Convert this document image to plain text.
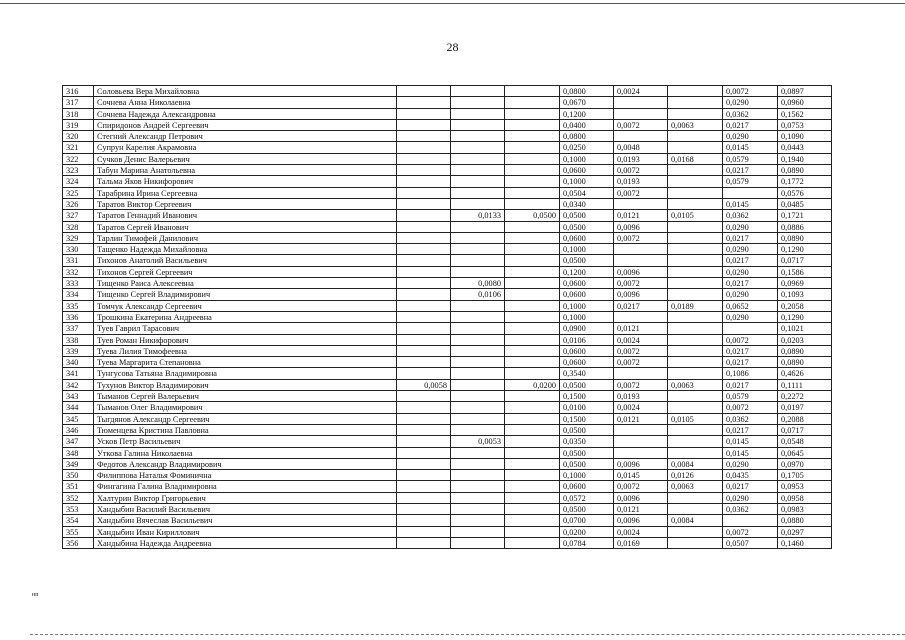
28
316	Соловьева Вера Михайловна				0,0800	0,0024		0,0072	0,0897
317	Сочнева Анна Николаевна				0,0670			0,0290	0,0960
318	Сочнева Надежда Александровна				0,1200			0,0362	0,1562
319	Спиридонов Андрей Сергеевич				0,0400	0,0072	0,0063	0,0217	0,0753
320	Стегний Александр Петрович				0,0800			0,0290	0,1090
321	Супрун Карелия Акрамовна				0,0250	0,0048		0,0145	0,0443
322	Сучков Денис Валерьевич				0,1000	0,0193	0,0168	0,0579	0,1940
323	Табун Марина Анатольевна				0,0600	0,0072		0,0217	0,0890
324	Тальма Яков Никифорович				0,1000	0,0193		0,0579	0,1772
325	Тарабрина Ирина Сергеевна				0,0504	0,0072			0,0576
326	Таратов Виктор Сергеевич				0,0340			0,0145	0,0485
327	Таратов Геннадий Иванович		0,0133	0,0500	0,0500	0,0121	0,0105	0,0362	0,1721
328	Таратов Сергей Иванович				0,0500	0,0096		0,0290	0,0886
329	Тарлин Тимофей Данилович				0,0600	0,0072		0,0217	0,0890
330	Тащенко Надежда Михайловна				0,1000			0,0290	0,1290
331	Тихонов Анатолий Васильевич				0,0500			0,0217	0,0717
332	Тихонов Сергей Сергеевич				0,1200	0,0096		0,0290	0,1586
333	Тищенко Раиса Алексеевна		0,0080		0,0600	0,0072		0,0217	0,0969
334	Тищенко Сергей Владимирович		0,0106		0,0600	0,0096		0,0290	0,1093
335	Томчук Александр Сергеевич				0,1000	0,0217	0,0189	0,0652	0,2058
336	Трошкина Екатерина Андреевна				0,1000			0,0290	0,1290
337	Туев Гаврил Тарасович				0,0900	0,0121			0,1021
338	Туев Роман Никифорович				0,0106	0,0024		0,0072	0,0203
339	Туева Лилия Тимофеевна				0,0600	0,0072		0,0217	0,0890
340	Туева Маргарита Степановна				0,0600	0,0072		0,0217	0,0890
341	Тунгусова Татьяна Владимировна				0,3540			0,1086	0,4626
342	Тухунов Виктор Владимирович	0,0058		0,0200	0,0500	0,0072	0,0063	0,0217	0,1111
343	Тыманов Сергей Валерьевич				0,1500	0,0193		0,0579	0,2272
344	Тыманов Олег Владимирович				0,0100	0,0024		0,0072	0,0197
345	Тыгдянов Александр Сергеевич				0,1500	0,0121	0,0105	0,0362	0,2088
346	Тюменцева Кристина Павловна				0,0500			0,0217	0,0717
347	Усков Петр Васильевич		0,0053		0,0350			0,0145	0,0548
348	Уткова Галина Николаевна				0,0500			0,0145	0,0645
349	Федотов Александр Владимирович				0,0500	0,0096	0,0084	0,0290	0,0970
350	Филиппова Наталья Фоминична				0,1000	0,0145	0,0126	0,0435	0,1705
351	Фингагина Галина Владимировна				0,0600	0,0072	0,0063	0,0217	0,0953
352	Халтурин Виктор Григорьевич				0,0572	0,0096		0,0290	0,0958
353	Хандыбин Василий Васильевич				0,0500	0,0121		0,0362	0,0983
354	Хандыбин Вячеслав Васильевич				0,0700	0,0096	0,0084		0,0880
355	Хандыбин Иван Кириллович				0,0200	0,0024		0,0072	0,0297
356	Хандыбина Надежда Андреевна				0,0784	0,0169		0,0507	0,1460
нп
